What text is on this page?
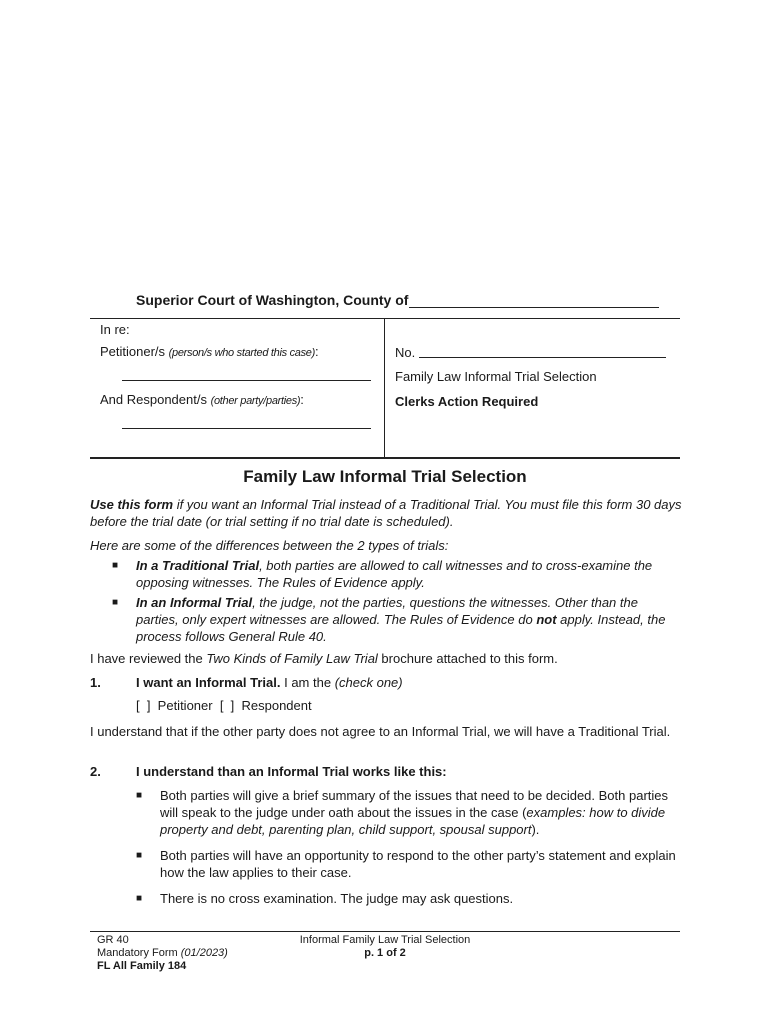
Superior Court of Washington, County of
In re:
Petitioner/s (person/s who started this case):
And Respondent/s (other party/parties):
No.
Family Law Informal Trial Selection
Clerks Action Required
Family Law Informal Trial Selection
Use this form if you want an Informal Trial instead of a Traditional Trial. You must file this form 30 days before the trial date (or trial setting if no trial date is scheduled).
Here are some of the differences between the 2 types of trials:
■ In a Traditional Trial, both parties are allowed to call witnesses and to cross-examine the opposing witnesses. The Rules of Evidence apply.
■ In an Informal Trial, the judge, not the parties, questions the witnesses. Other than the parties, only expert witnesses are allowed. The Rules of Evidence do not apply. Instead, the process follows General Rule 40.
I have reviewed the Two Kinds of Family Law Trial brochure attached to this form.
1.	I want an Informal Trial. I am the (check one)
[  ]  Petitioner  [  ]  Respondent
I understand that if the other party does not agree to an Informal Trial, we will have a Traditional Trial.
2.	I understand than an Informal Trial works like this:
■ Both parties will give a brief summary of the issues that need to be decided. Both parties will speak to the judge under oath about the issues in the case (examples: how to divide property and debt, parenting plan, child support, spousal support).
■ Both parties will have an opportunity to respond to the other party’s statement and explain how the law applies to their case.
■ There is no cross examination. The judge may ask questions.
GR 40
Mandatory Form (01/2023)
FL All Family 184
Informal Family Law Trial Selection
p. 1 of 2
